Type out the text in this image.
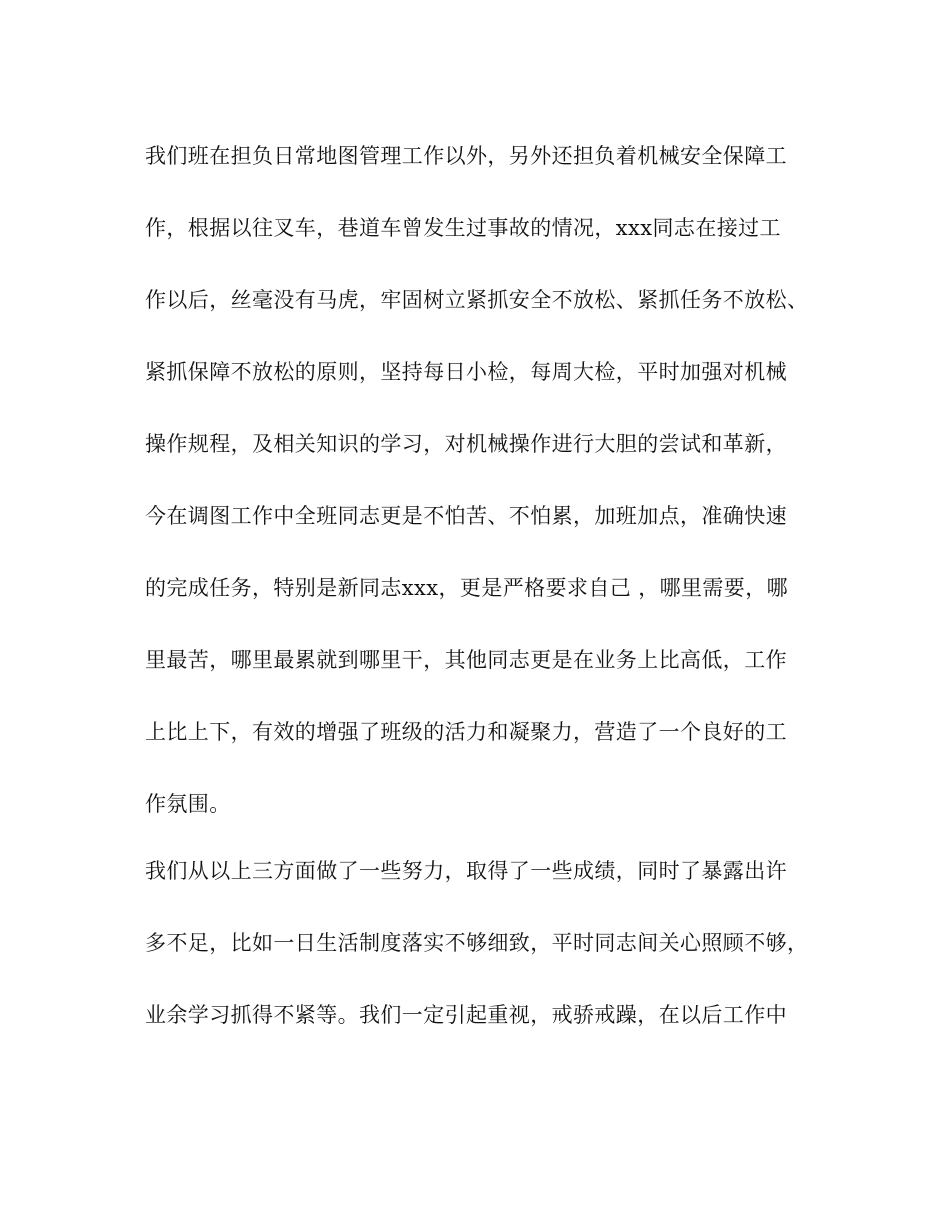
我们班在担负日常地图管理工作以外，另外还担负着机械安全保障工
作，根据以往叉车，巷道车曾发生过事故的情况，xxx同志在接过工
作以后，丝毫没有马虎，牢固树立紧抓安全不放松、紧抓任务不放松、
紧抓保障不放松的原则，坚持每日小检，每周大检，平时加强对机械
操作规程，及相关知识的学习，对机械操作进行大胆的尝试和革新，
今在调图工作中全班同志更是不怕苦、不怕累，加班加点，准确快速
的完成任务，特别是新同志xxx，更是严格要求自己 ，哪里需要，哪
里最苦，哪里最累就到哪里干，其他同志更是在业务上比高低，工作
上比上下，有效的增强了班级的活力和凝聚力，营造了一个良好的工
作氛围。
我们从以上三方面做了一些努力，取得了一些成绩，同时了暴露出许
多不足，比如一日生活制度落实不够细致，平时同志间关心照顾不够，
业余学习抓得不紧等。我们一定引起重视，戒骄戒躁，在以后工作中
